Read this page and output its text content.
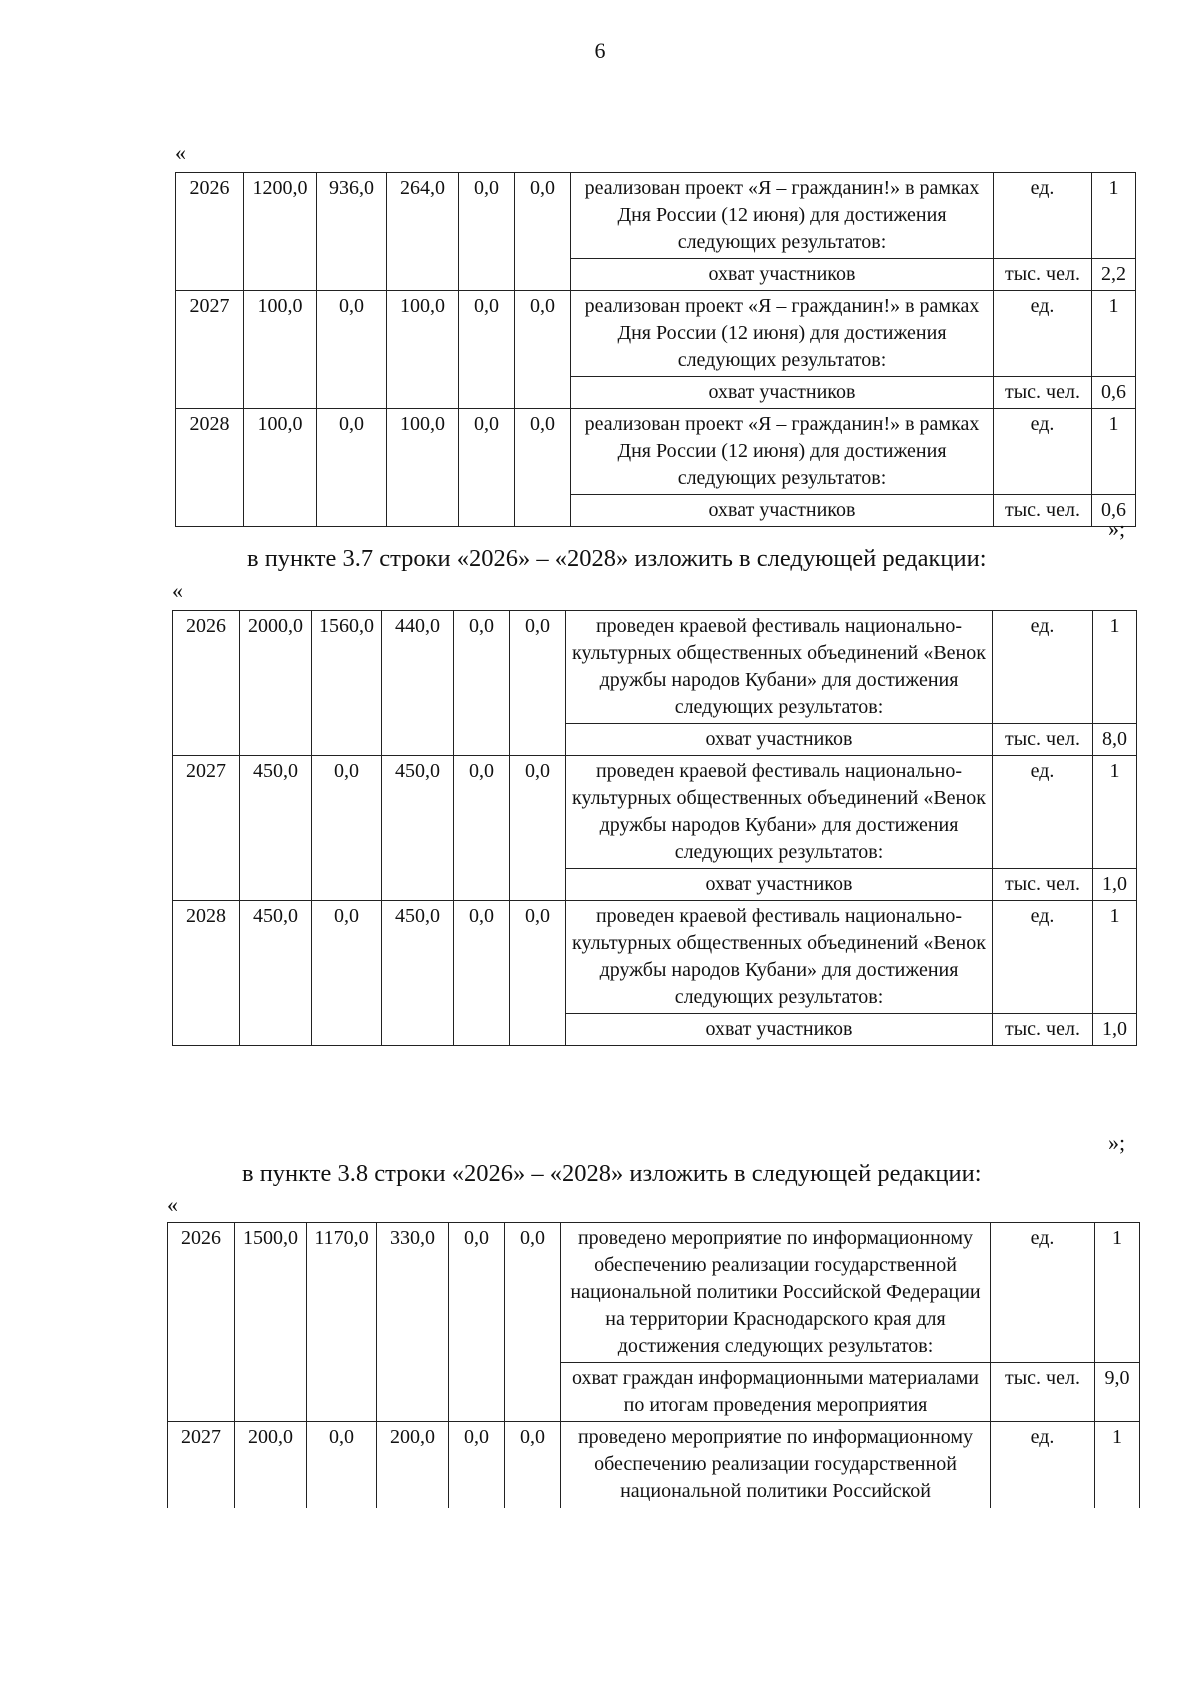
6
«
2026	1200,0	936,0	264,0	0,0	0,0	реализован проект «Я – гражданин!» в рамках Дня России (12 июня) для достижения следующих результатов:	ед.	1
						охват участников	тыс. чел.	2,2
2027	100,0	0,0	100,0	0,0	0,0	реализован проект «Я – гражданин!» в рамках Дня России (12 июня) для достижения следующих результатов:	ед.	1
						охват участников	тыс. чел.	0,6
2028	100,0	0,0	100,0	0,0	0,0	реализован проект «Я – гражданин!» в рамках Дня России (12 июня) для достижения следующих результатов:	ед.	1
						охват участников	тыс. чел.	0,6
»;
в пункте 3.7 строки «2026» – «2028» изложить в следующей редакции:
«
2026	2000,0	1560,0	440,0	0,0	0,0	проведен краевой фестиваль национально-культурных общественных объединений «Венок дружбы народов Кубани» для достижения следующих результатов:	ед.	1
						охват участников	тыс. чел.	8,0
2027	450,0	0,0	450,0	0,0	0,0	проведен краевой фестиваль национально-культурных общественных объединений «Венок дружбы народов Кубани» для достижения следующих результатов:	ед.	1
						охват участников	тыс. чел.	1,0
2028	450,0	0,0	450,0	0,0	0,0	проведен краевой фестиваль национально-культурных общественных объединений «Венок дружбы народов Кубани» для достижения следующих результатов:	ед.	1
						охват участников	тыс. чел.	1,0
»;
в пункте 3.8 строки «2026» – «2028» изложить в следующей редакции:
«
2026	1500,0	1170,0	330,0	0,0	0,0	проведено мероприятие по информационному обеспечению реализации государственной национальной политики Российской Федерации на территории Краснодарского края для достижения следующих результатов:	ед.	1
						охват граждан информационными материалами по итогам проведения мероприятия	тыс. чел.	9,0
2027	200,0	0,0	200,0	0,0	0,0	проведено мероприятие по информационному обеспечению реализации государственной национальной политики Российской	ед.	1
